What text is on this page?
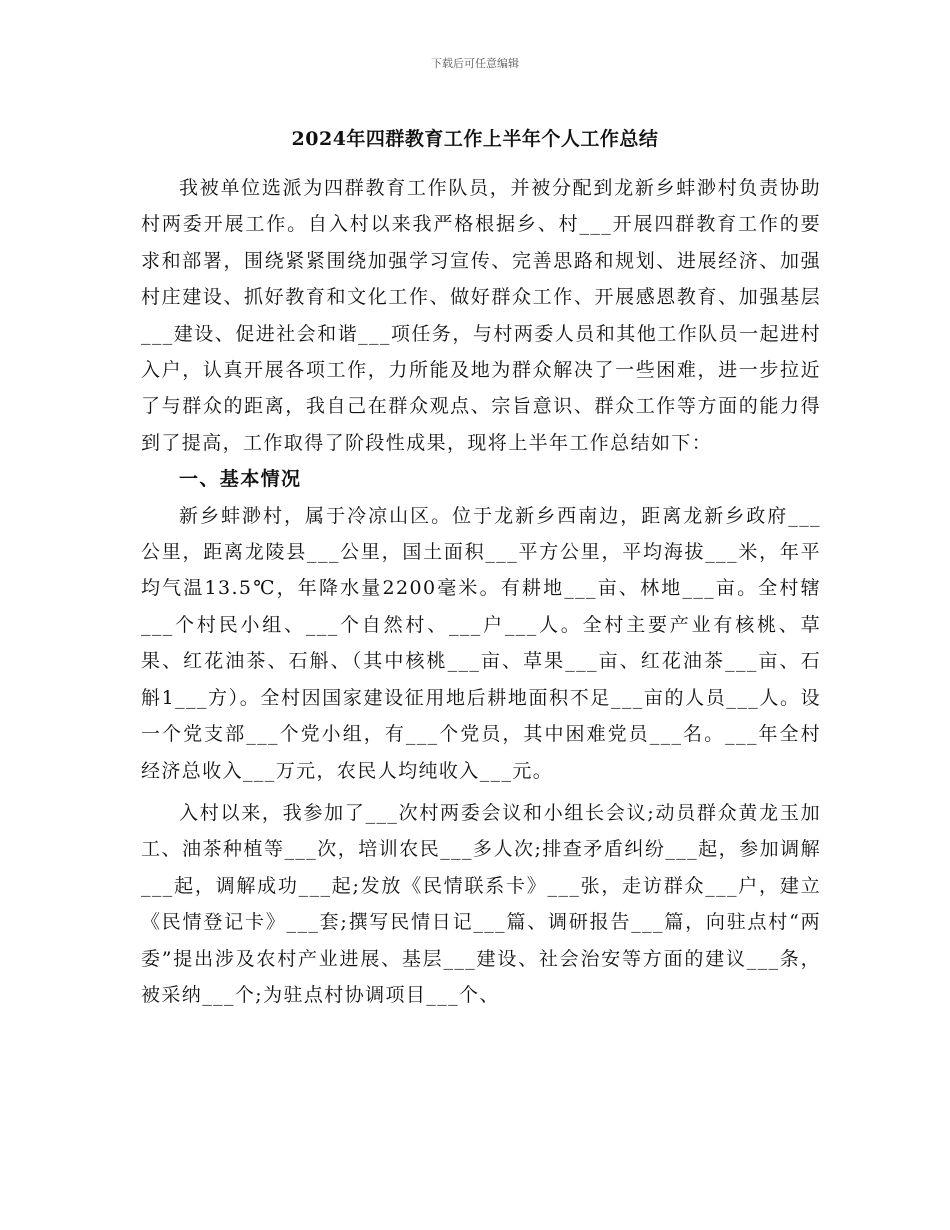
下载后可任意编辑
2024年四群教育工作上半年个人工作总结

我被单位选派为四群教育工作队员，并被分配到龙新乡蚌渺村负责协助村两委开展工作。自入村以来我严格根据乡、村___开展四群教育工作的要求和部署，围绕紧紧围绕加强学习宣传、完善思路和规划、进展经济、加强村庄建设、抓好教育和文化工作、做好群众工作、开展感恩教育、加强基层___建设、促进社会和谐___项任务，与村两委人员和其他工作队员一起进村入户，认真开展各项工作，力所能及地为群众解决了一些困难，进一步拉近了与群众的距离，我自己在群众观点、宗旨意识、群众工作等方面的能力得到了提高，工作取得了阶段性成果，现将上半年工作总结如下：

一、基本情况

新乡蚌渺村，属于冷凉山区。位于龙新乡西南边，距离龙新乡政府___公里，距离龙陵县___公里，国土面积___平方公里，平均海拔___米，年平均气温13.5℃，年降水量2200毫米。有耕地___亩、林地___亩。全村辖___个村民小组、___个自然村、___户___人。全村主要产业有核桃、草果、红花油茶、石斛、（其中核桃___亩、草果___亩、红花油茶___亩、石斛1___方）。全村因国家建设征用地后耕地面积不足___亩的人员___人。设一个党支部___个党小组，有___个党员，其中困难党员___名。___年全村经济总收入___万元，农民人均纯收入___元。

入村以来，我参加了___次村两委会议和小组长会议;动员群众黄龙玉加工、油茶种植等___次，培训农民___多人次;排查矛盾纠纷___起，参加调解___起，调解成功___起;发放《民情联系卡》___张，走访群众___户，建立《民情登记卡》___套;撰写民情日记___篇、调研报告___篇，向驻点村“两委”提出涉及农村产业进展、基层___建设、社会治安等方面的建议___条，被采纳___个;为驻点村协调项目___个、
